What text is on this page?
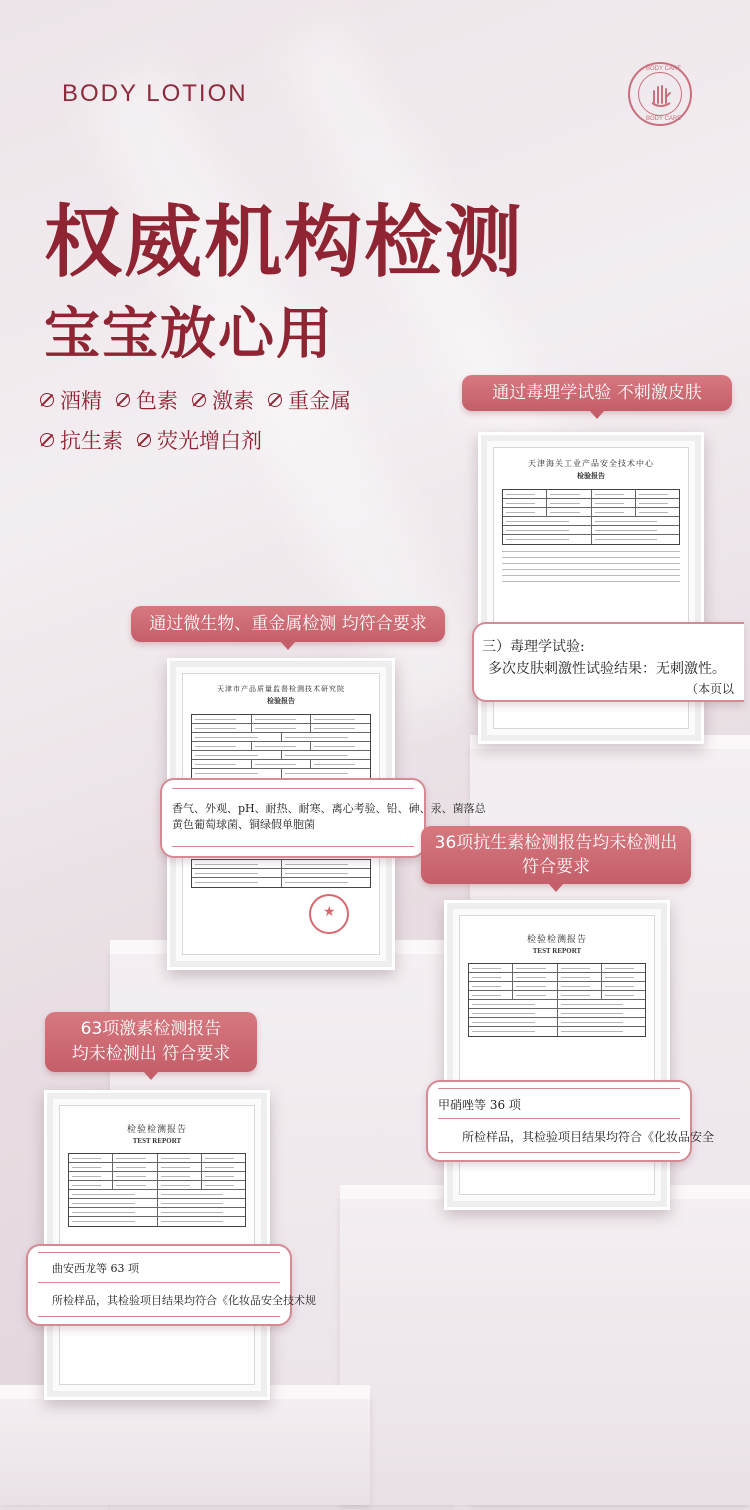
BODY LOTION
BODY CARE
BODY CARE
权威机构检测
宝宝放心用
酒精 色素 激素 重金属
抗生素 荧光增白剂
通过毒理学试验 不刺激皮肤
天津海关工业产品安全技术中心
检验报告
三）毒理学试验:
多次皮肤刺激性试验结果：无刺激性。
（本页以
通过微生物、重金属检测 均符合要求
天津市产品质量监督检测技术研究院
检验报告
★
香气、外观、pH、耐热、耐寒、离心考验、铅、砷、汞、菌落总
黄色葡萄球菌、铜绿假单胞菌
36项抗生素检测报告均未检测出
符合要求
检验检测报告
TEST REPORT
甲硝唑等 36 项
所检样品，其检验项目结果均符合《化妆品安全
63项激素检测报告
均未检测出 符合要求
检验检测报告
TEST REPORT
曲安西龙等 63 项
所检样品，其检验项目结果均符合《化妆品安全技术规
